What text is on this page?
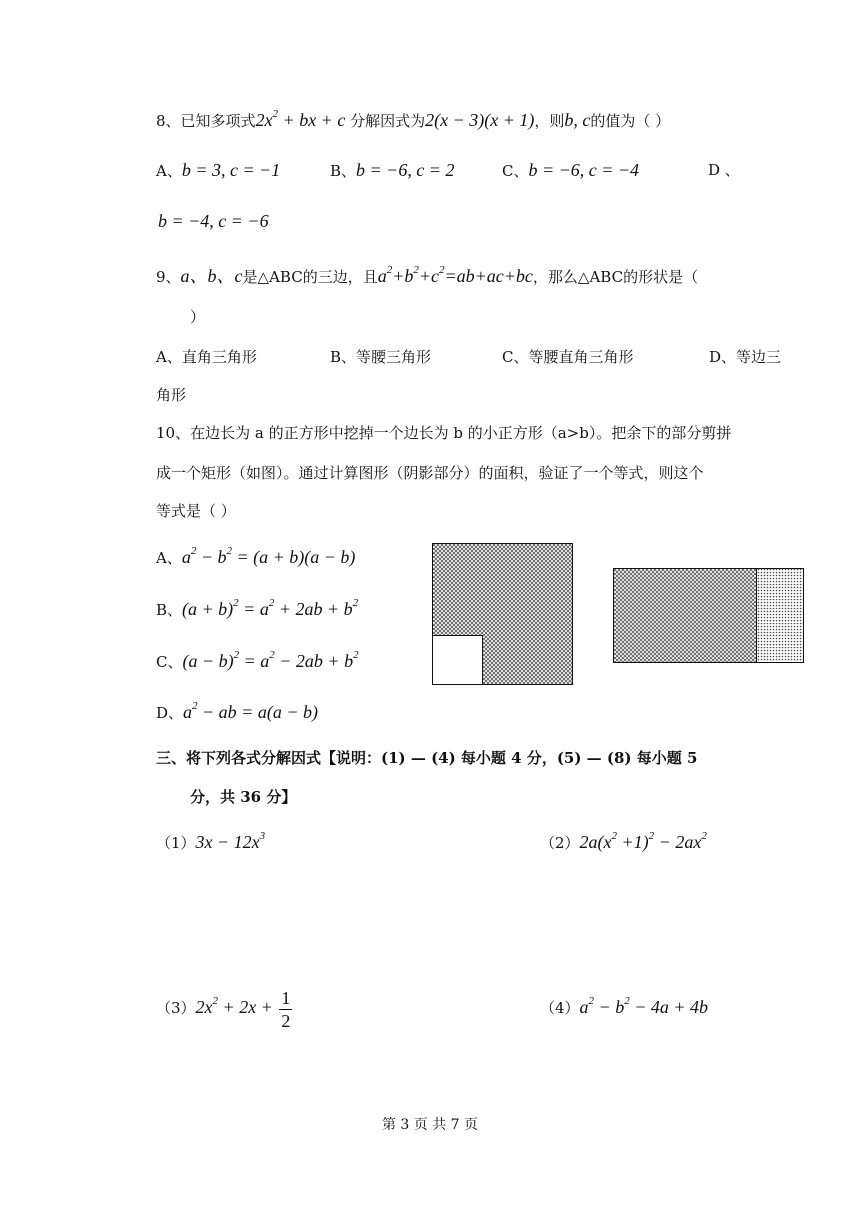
8、已知多项式$2x^2$ + bx + c 分解因式为2(x − 3)(x + 1)，则b, c的值为（ ）
A、b = 3, c = −1	B、b = −6, c = 2	C、b = −6, c = −4	D 、
b = −4, c = −6
9、a、b、c是△ABC的三边，且$a^2+b^2+c^2=ab+ac+bc$，那么△ABC的形状是（
）
A、直角三角形	B、等腰三角形	C、等腰直角三角形	D、等边三
角形
10、在边长为 a 的正方形中挖掉一个边长为 b 的小正方形（a>b）。把余下的部分剪拼
成一个矩形（如图）。通过计算图形（阴影部分）的面积，验证了一个等式，则这个
等式是（ ）
A、$a^2 - b^2 = (a + b)(a - b)$
B、$(a + b)^2 = a^2 + 2ab + b^2$
C、$(a - b)^2 = a^2 - 2ab + b^2$
D、$a^2$ − ab = a(a − b)
三、将下列各式分解因式【说明：(1) — (4) 每小题 4 分，(5) — (8) 每小题 5
分，共 36 分】
$(1)3x - 12x^3$	$(2)2a(x^2 +1)^2 - 2ax^2$
$(3)2x^2 + 2x + \frac{1}{2}$	$(4)a^2 - b^2 - 4a + 4b$
第 3 页 共 7 页
